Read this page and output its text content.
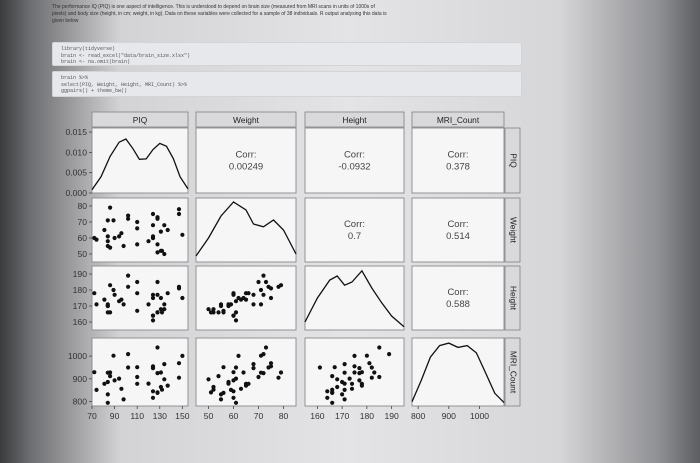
The performance IQ (PIQ) is one aspect of intelligence. This is understood to depend on brain size (measured from MRI scans in units of 1000s of
pixels) and body size (height, in cm; weight, in kg). Data on these variables were collected for a sample of 38 individuals. R output analysing this data is
given below
library(tidyverse)
brain <- read_excel("data/brain_size.xlsx")
brain <- na.omit(brain)
brain %>%
select(PIQ, Weight, Height, MRI_Count) %>%
ggpairs() + theme_bw()
PIQ	Weight	Height	MRI_Count
PIQ
Weight
Height
MRI_Count
Corr:
0.00249
Corr:
-0.0932
Corr:
0.378
Corr:
0.7
Corr:
0.514
Corr:
0.588
0.015
0.010
0.005
0.000
50
60
70
80
160
170
180
190
800
900
1000
70 90 110 130 150 50 60 70 80	160 170 180 190 800 900 1000
